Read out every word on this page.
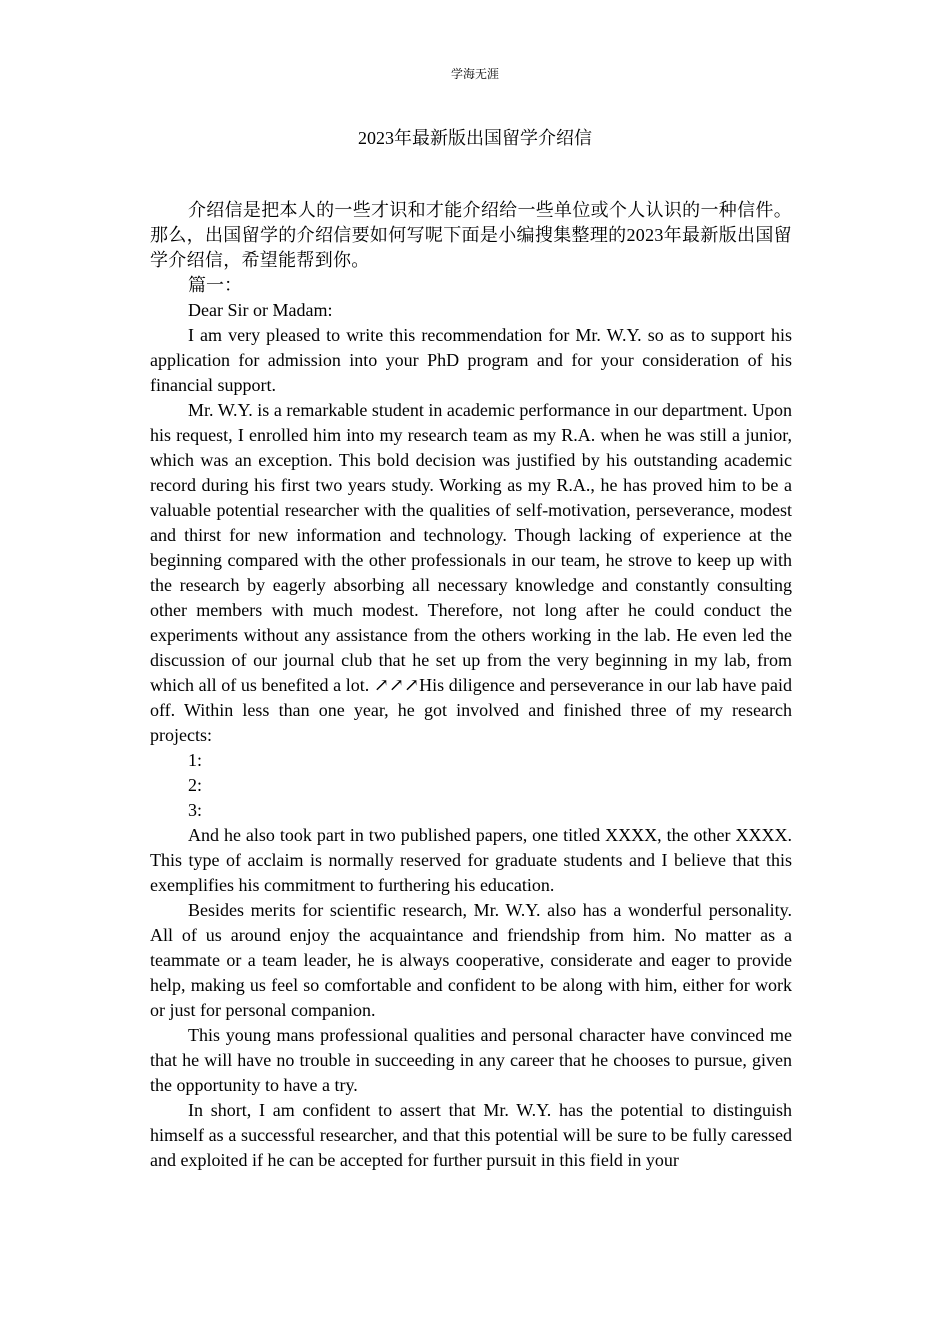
学海无涯
2023年最新版出国留学介绍信

介绍信是把本人的一些才识和才能介绍给一些单位或个人认识的一种信件。那么，出国留学的介绍信要如何写呢下面是小编搜集整理的2023年最新版出国留学介绍信，希望能帮到你。

篇一：

Dear Sir or Madam:

I am very pleased to write this recommendation for Mr. W.Y. so as to support his application for admission into your PhD program and for your consideration of his financial support.

Mr. W.Y. is a remarkable student in academic performance in our department. Upon his request, I enrolled him into my research team as my R.A. when he was still a junior, which was an exception. This bold decision was justified by his outstanding academic record during his first two years study. Working as my R.A., he has proved him to be a valuable potential researcher with the qualities of self-motivation, perseverance, modest and thirst for new information and technology. Though lacking of experience at the beginning compared with the other professionals in our team, he strove to keep up with the research by eagerly absorbing all necessary knowledge and constantly consulting other members with much modest. Therefore, not long after he could conduct the experiments without any assistance from the others working in the lab. He even led the discussion of our journal club that he set up from the very beginning in my lab, from which all of us benefited a lot. ↗↗↗His diligence and perseverance in our lab have paid off. Within less than one year, he got involved and finished three of my research projects:

1:

2:

3:

And he also took part in two published papers, one titled XXXX, the other XXXX. This type of acclaim is normally reserved for graduate students and I believe that this exemplifies his commitment to furthering his education.

Besides merits for scientific research, Mr. W.Y. also has a wonderful personality. All of us around enjoy the acquaintance and friendship from him. No matter as a teammate or a team leader, he is always cooperative, considerate and eager to provide help, making us feel so comfortable and confident to be along with him, either for work or just for personal companion.

This young mans professional qualities and personal character have convinced me that he will have no trouble in succeeding in any career that he chooses to pursue, given the opportunity to have a try.

In short, I am confident to assert that Mr. W.Y. has the potential to distinguish himself as a successful researcher, and that this potential will be sure to be fully caressed and exploited if he can be accepted for further pursuit in this field in your
